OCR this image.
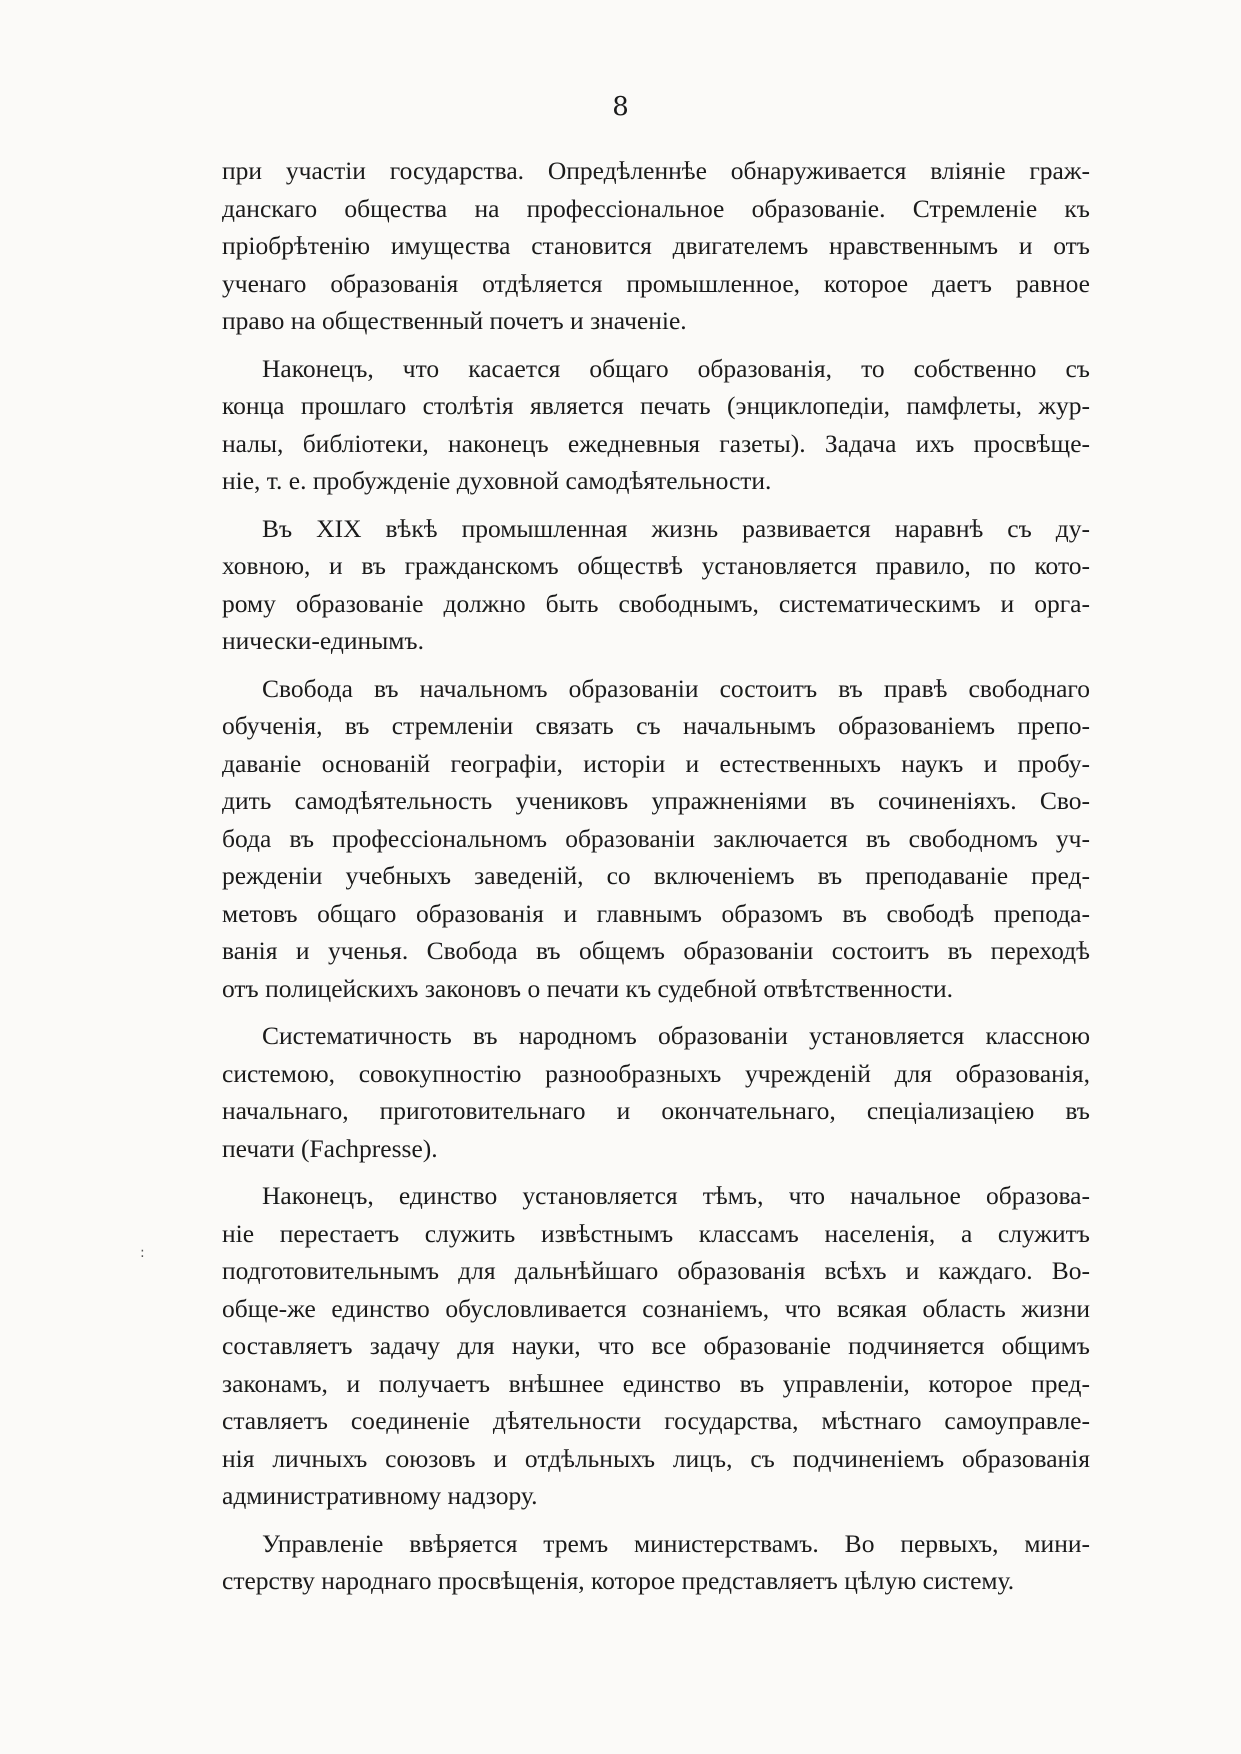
8
:
при участіи государства. Опредѣленнѣе обнаруживается вліяніе граж-
данскаго общества на профессіональное образованіе. Стремленіе къ
пріобрѣтенію имущества становится двигателемъ нравственнымъ и отъ
ученаго образованія отдѣляется промышленное, которое даетъ равное
право на общественный почетъ и значеніе.
Наконецъ, что касается общаго образованія, то собственно съ
конца прошлаго столѣтія является печать (энциклопедіи, памфлеты, жур-
налы, библіотеки, наконецъ ежедневныя газеты). Задача ихъ просвѣще-
ніе, т. е. пробужденіе духовной самодѣятельности.
Въ XIX вѣкѣ промышленная жизнь развивается наравнѣ съ ду-
ховною, и въ гражданскомъ обществѣ установляется правило, по кото-
рому образованіе должно быть свободнымъ, систематическимъ и орга-
нически-единымъ.
Свобода въ начальномъ образованіи состоитъ въ правѣ свободнаго
обученія, въ стремленіи связать съ начальнымъ образованіемъ препо-
даваніе основаній географіи, исторіи и естественныхъ наукъ и пробу-
дить самодѣятельность учениковъ упражненіями въ сочиненіяхъ. Сво-
бода въ профессіональномъ образованіи заключается въ свободномъ уч-
режденіи учебныхъ заведеній, со включеніемъ въ преподаваніе пред-
метовъ общаго образованія и главнымъ образомъ въ свободѣ препода-
ванія и ученья. Свобода въ общемъ образованіи состоитъ въ переходѣ
отъ полицейскихъ законовъ о печати къ судебной отвѣтственности.
Систематичность въ народномъ образованіи установляется классною
системою, совокупностію разнообразныхъ учрежденій для образованія,
начальнаго, приготовительнаго и окончательнаго, спеціализаціею въ
печати (Fachpresse).
Наконецъ, единство установляется тѣмъ, что начальное образова-
ніе перестаетъ служить извѣстнымъ классамъ населенія, а служитъ
подготовительнымъ для дальнѣйшаго образованія всѣхъ и каждаго. Во-
обще-же единство обусловливается сознаніемъ, что всякая область жизни
составляетъ задачу для науки, что все образованіе подчиняется общимъ
законамъ, и получаетъ внѣшнее единство въ управленіи, которое пред-
ставляетъ соединеніе дѣятельности государства, мѣстнаго самоуправле-
нія личныхъ союзовъ и отдѣльныхъ лицъ, съ подчиненіемъ образованія
административному надзору.
Управленіе ввѣряется тремъ министерствамъ. Во первыхъ, мини-
стерству народнаго просвѣщенія, которое представляетъ цѣлую систему.
